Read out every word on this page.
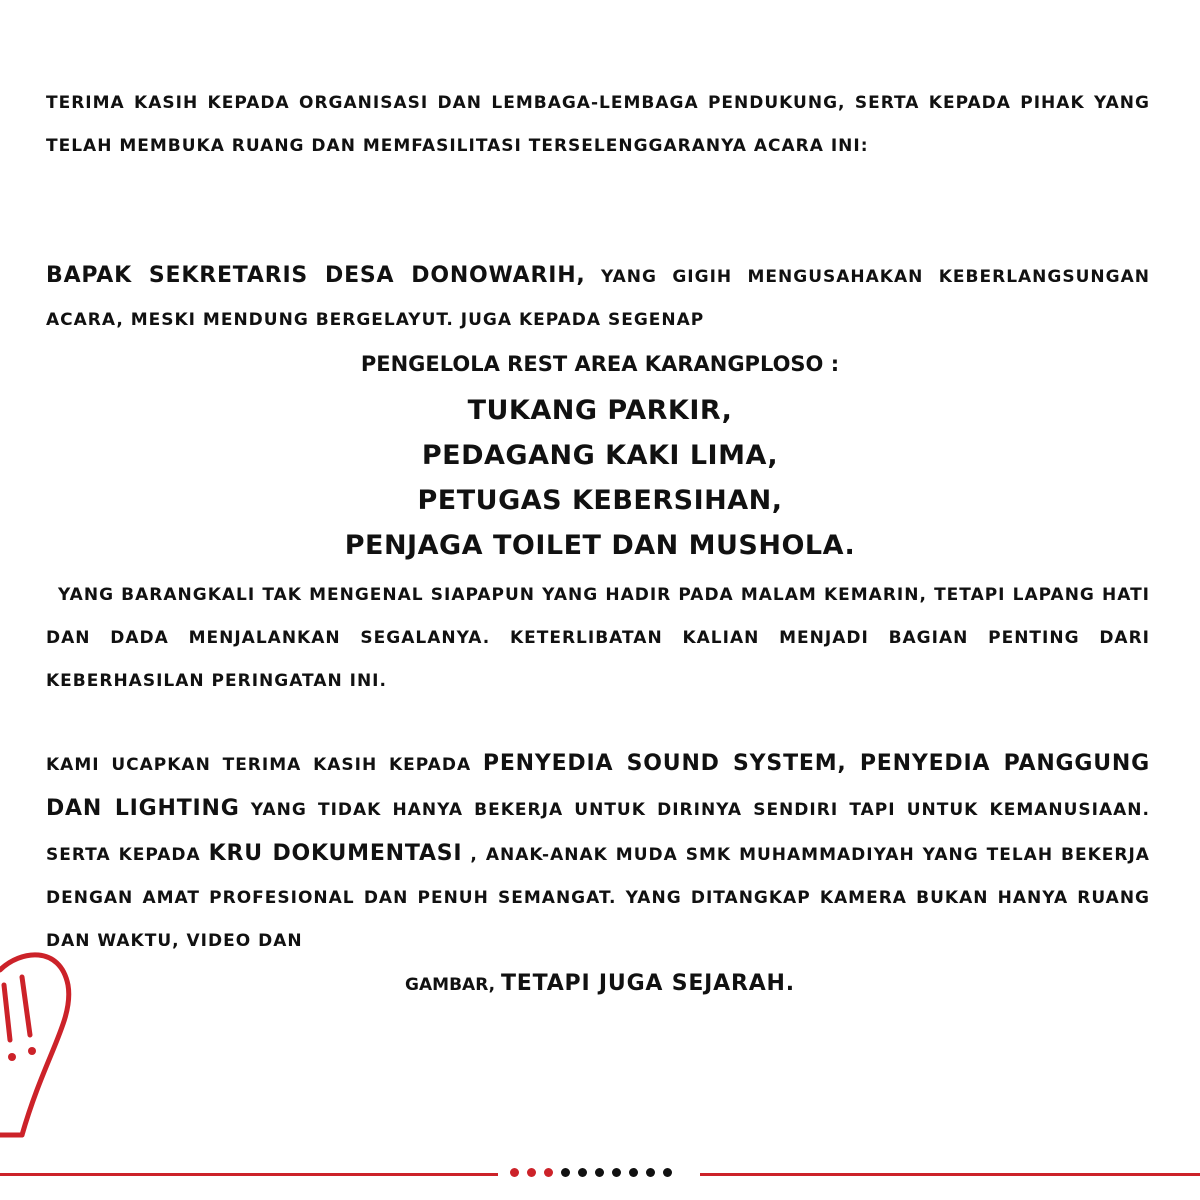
TERIMA KASIH KEPADA ORGANISASI DAN LEMBAGA-LEMBAGA PENDUKUNG, SERTA KEPADA PIHAK YANG TELAH MEMBUKA RUANG DAN MEMFASILITASI TERSELENGGARANYA ACARA INI:

BAPAK SEKRETARIS DESA DONOWARIH, YANG GIGIH MENGUSAHAKAN KEBERLANGSUNGAN ACARA, MESKI MENDUNG BERGELAYUT. JUGA KEPADA SEGENAP

PENGELOLA REST AREA KARANGPLOSO :

TUKANG PARKIR,
PEDAGANG KAKI LIMA,
PETUGAS KEBERSIHAN,
PENJAGA TOILET DAN MUSHOLA.

YANG BARANGKALI TAK MENGENAL SIAPAPUN YANG HADIR PADA MALAM KEMARIN, TETAPI LAPANG HATI DAN DADA MENJALANKAN SEGALANYA. KETERLIBATAN KALIAN MENJADI BAGIAN PENTING DARI KEBERHASILAN PERINGATAN INI.

KAMI UCAPKAN TERIMA KASIH KEPADA PENYEDIA SOUND SYSTEM, PENYEDIA PANGGUNG DAN LIGHTING YANG TIDAK HANYA BEKERJA UNTUK DIRINYA SENDIRI TAPI UNTUK KEMANUSIAAN. SERTA KEPADA KRU DOKUMENTASI , ANAK-ANAK MUDA SMK MUHAMMADIYAH YANG TELAH BEKERJA DENGAN AMAT PROFESIONAL DAN PENUH SEMANGAT. YANG DITANGKAP KAMERA BUKAN HANYA RUANG DAN WAKTU, VIDEO DAN

GAMBAR, TETAPI JUGA SEJARAH.
